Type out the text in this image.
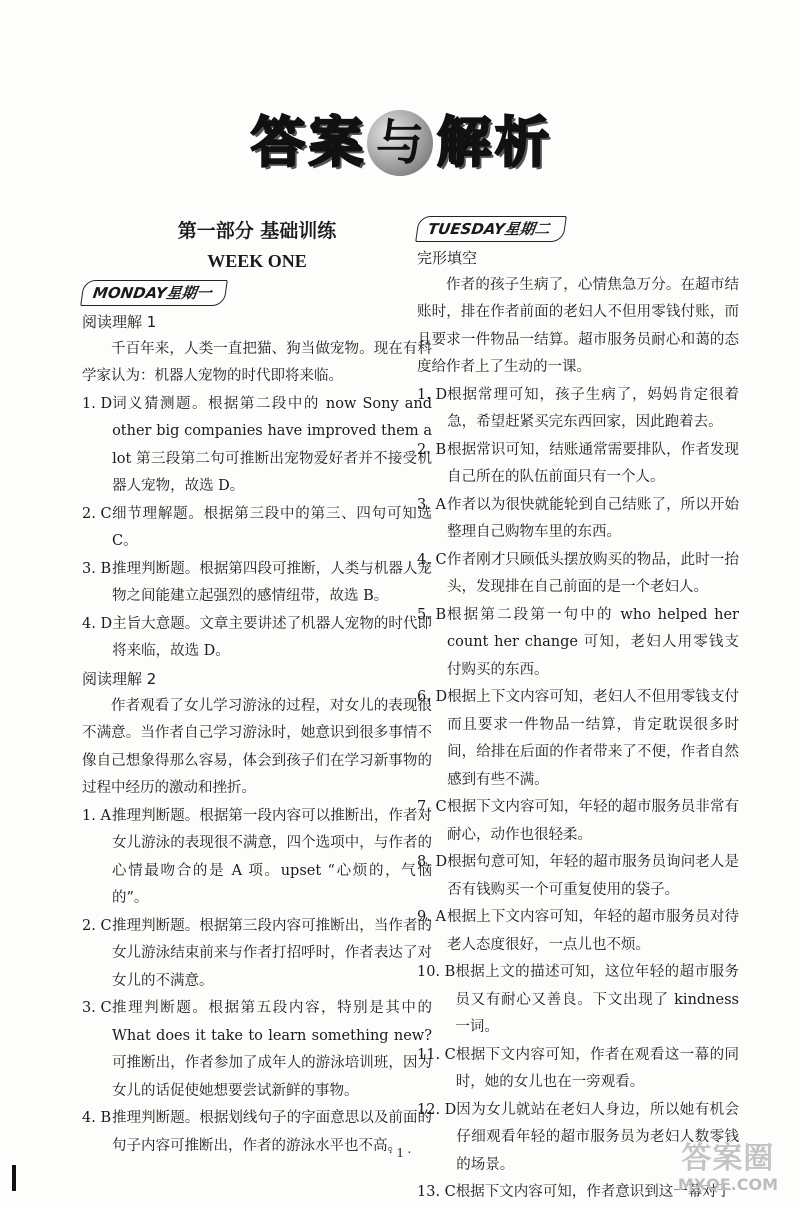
答 案 与 解 析
第一部分 基础训练
WEEK ONE
MONDAY星期一
阅读理解 1

千百年来，人类一直把猫、狗当做宠物。现在有科学家认为：机器人宠物的时代即将来临。

1. D 词义猜测题。根据第二段中的 now Sony and other big companies have improved them a lot 第三段第二句可推断出宠物爱好者并不接受机器人宠物，故选 D。
2. C 细节理解题。根据第三段中的第三、四句可知选 C。
3. B 推理判断题。根据第四段可推断，人类与机器人宠物之间能建立起强烈的感情纽带，故选 B。
4. D 主旨大意题。文章主要讲述了机器人宠物的时代即将来临，故选 D。
阅读理解 2

作者观看了女儿学习游泳的过程，对女儿的表现很不满意。当作者自己学习游泳时，她意识到很多事情不像自己想象得那么容易，体会到孩子们在学习新事物的过程中经历的激动和挫折。

1. A 推理判断题。根据第一段内容可以推断出，作者对女儿游泳的表现很不满意，四个选项中，与作者的心情最吻合的是 A 项。upset “心烦的，气恼的”。
2. C 推理判断题。根据第三段内容可推断出，当作者的女儿游泳结束前来与作者打招呼时，作者表达了对女儿的不满意。
3. C 推理判断题。根据第五段内容，特别是其中的 What does it take to learn something new? 可推断出，作者参加了成年人的游泳培训班，因为女儿的话促使她想要尝试新鲜的事物。
4. B 推理判断题。根据划线句子的字面意思以及前面的句子内容可推断出，作者的游泳水平也不高。
TUESDAY星期二
完形填空

作者的孩子生病了，心情焦急万分。在超市结账时，排在作者前面的老妇人不但用零钱付账，而且要求一件物品一结算。超市服务员耐心和蔼的态度给作者上了生动的一课。

1. D 根据常理可知，孩子生病了，妈妈肯定很着急，希望赶紧买完东西回家，因此跑着去。
2. B 根据常识可知，结账通常需要排队，作者发现自己所在的队伍前面只有一个人。
3. A 作者以为很快就能轮到自己结账了，所以开始整理自己购物车里的东西。
4. C 作者刚才只顾低头摆放购买的物品，此时一抬头，发现排在自己前面的是一个老妇人。
5. B 根据第二段第一句中的 who helped her count her change 可知，老妇人用零钱支付购买的东西。
6. D 根据上下文内容可知，老妇人不但用零钱支付而且要求一件物品一结算，肯定耽误很多时间，给排在后面的作者带来了不便，作者自然感到有些不满。
7. C 根据下文内容可知，年轻的超市服务员非常有耐心，动作也很轻柔。
8. D 根据句意可知，年轻的超市服务员询问老人是否有钱购买一个可重复使用的袋子。
9. A 根据上下文内容可知，年轻的超市服务员对待老人态度很好，一点儿也不烦。
10. B 根据上文的描述可知，这位年轻的超市服务员又有耐心又善良。下文出现了 kindness 一词。
11. C 根据下文内容可知，作者在观看这一幕的同时，她的女儿也在一旁观看。
12. D 因为女儿就站在老妇人身边，所以她有机会仔细观看年轻的超市服务员为老妇人数零钱的场景。
13. C 根据下文内容可知，作者意识到这一幕对于
· 1 ·	答案圈
MXQE.COM
